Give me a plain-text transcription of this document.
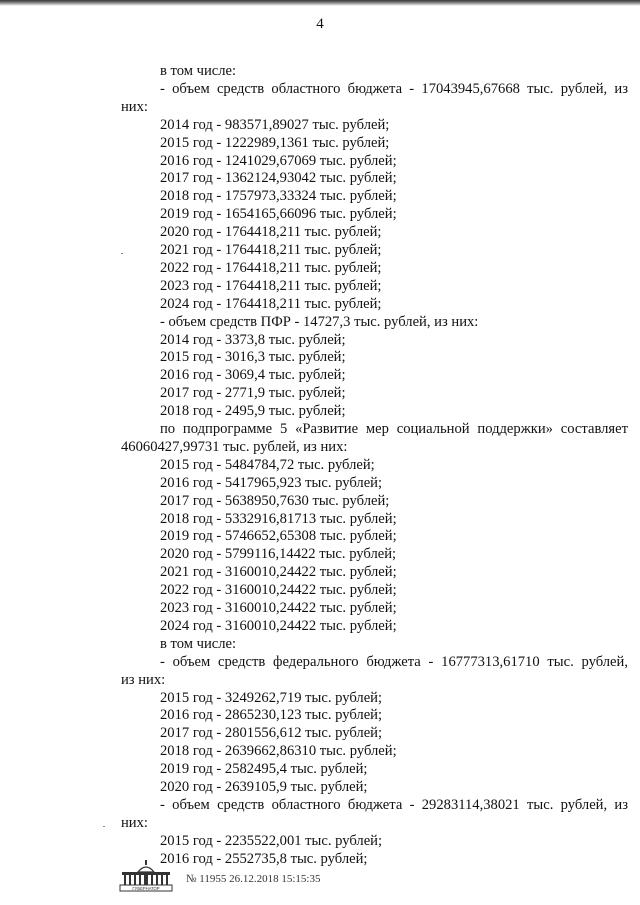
4
в том числе:
- объем средств областного бюджета - 17043945,67668 тыс. рублей, из
них:
2014 год - 983571,89027 тыс. рублей;
2015 год - 1222989,1361 тыс. рублей;
2016 год - 1241029,67069 тыс. рублей;
2017 год - 1362124,93042 тыс. рублей;
2018 год - 1757973,33324 тыс. рублей;
2019 год - 1654165,66096 тыс. рублей;
2020 год - 1764418,211 тыс. рублей;
2021 год - 1764418,211 тыс. рублей;
2022 год - 1764418,211 тыс. рублей;
2023 год - 1764418,211 тыс. рублей;
2024 год - 1764418,211 тыс. рублей;
- объем средств ПФР - 14727,3 тыс. рублей, из них:
2014 год - 3373,8 тыс. рублей;
2015 год - 3016,3 тыс. рублей;
2016 год - 3069,4 тыс. рублей;
2017 год - 2771,9 тыс. рублей;
2018 год - 2495,9 тыс. рублей;
по подпрограмме 5 «Развитие мер социальной поддержки» составляет
46060427,99731 тыс. рублей, из них:
2015 год - 5484784,72 тыс. рублей;
2016 год - 5417965,923 тыс. рублей;
2017 год - 5638950,7630 тыс. рублей;
2018 год - 5332916,81713 тыс. рублей;
2019 год - 5746652,65308 тыс. рублей;
2020 год - 5799116,14422 тыс. рублей;
2021 год - 3160010,24422 тыс. рублей;
2022 год - 3160010,24422 тыс. рублей;
2023 год - 3160010,24422 тыс. рублей;
2024 год - 3160010,24422 тыс. рублей;
в том числе:
- объем средств федерального бюджета - 16777313,61710 тыс. рублей,
из них:
2015 год - 3249262,719 тыс. рублей;
2016 год - 2865230,123 тыс. рублей;
2017 год - 2801556,612 тыс. рублей;
2018 год - 2639662,86310 тыс. рублей;
2019 год - 2582495,4 тыс. рублей;
2020 год - 2639105,9 тыс. рублей;
- объем средств областного бюджета - 29283114,38021 тыс. рублей, из
них:
2015 год - 2235522,001 тыс. рублей;
2016 год - 2552735,8 тыс. рублей;
ГУБЕРНАТОР
№ 11955 26.12.2018 15:15:35
